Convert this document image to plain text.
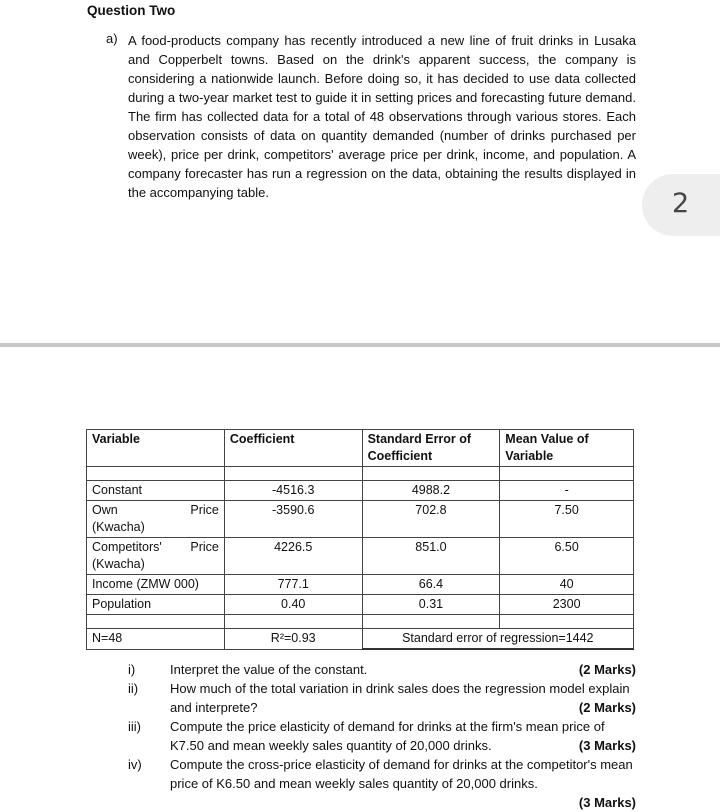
Question Two
a) A food-products company has recently introduced a new line of fruit drinks in Lusaka and Copperbelt towns. Based on the drink's apparent success, the company is considering a nationwide launch. Before doing so, it has decided to use data collected during a two-year market test to guide it in setting prices and forecasting future demand. The firm has collected data for a total of 48 observations through various stores. Each observation consists of data on quantity demanded (number of drinks purchased per week), price per drink, competitors' average price per drink, income, and population. A company forecaster has run a regression on the data, obtaining the results displayed in the accompanying table.	2
Variable	Coefficient	Standard Error of Coefficient	Mean Value of Variable

Constant	-4516.3	4988.2	-

Own Price
(Kwacha)	-3590.6	702.8	7.50

Competitors' Price
(Kwacha)	4226.5	851.0	6.50
Income (ZMW 000)	777.1	66.4	40
Population	0.40	0.31	2300

N=48	R²=0.93	Standard error of regression=1442	
i)	(2 Marks)
Interpret the value of the constant.
ii) How much of the total variation in drink sales does the regression model explain and interprete?	(2 Marks)
iii) Compute the price elasticity of demand for drinks at the firm's mean price of K7.50 and mean weekly sales quantity of 20,000 drinks.	(3 Marks)
iv) Compute the cross-price elasticity of demand for drinks at the competitor's mean price of K6.50 and mean weekly sales quantity of 20,000 drinks.

(3 Marks)
